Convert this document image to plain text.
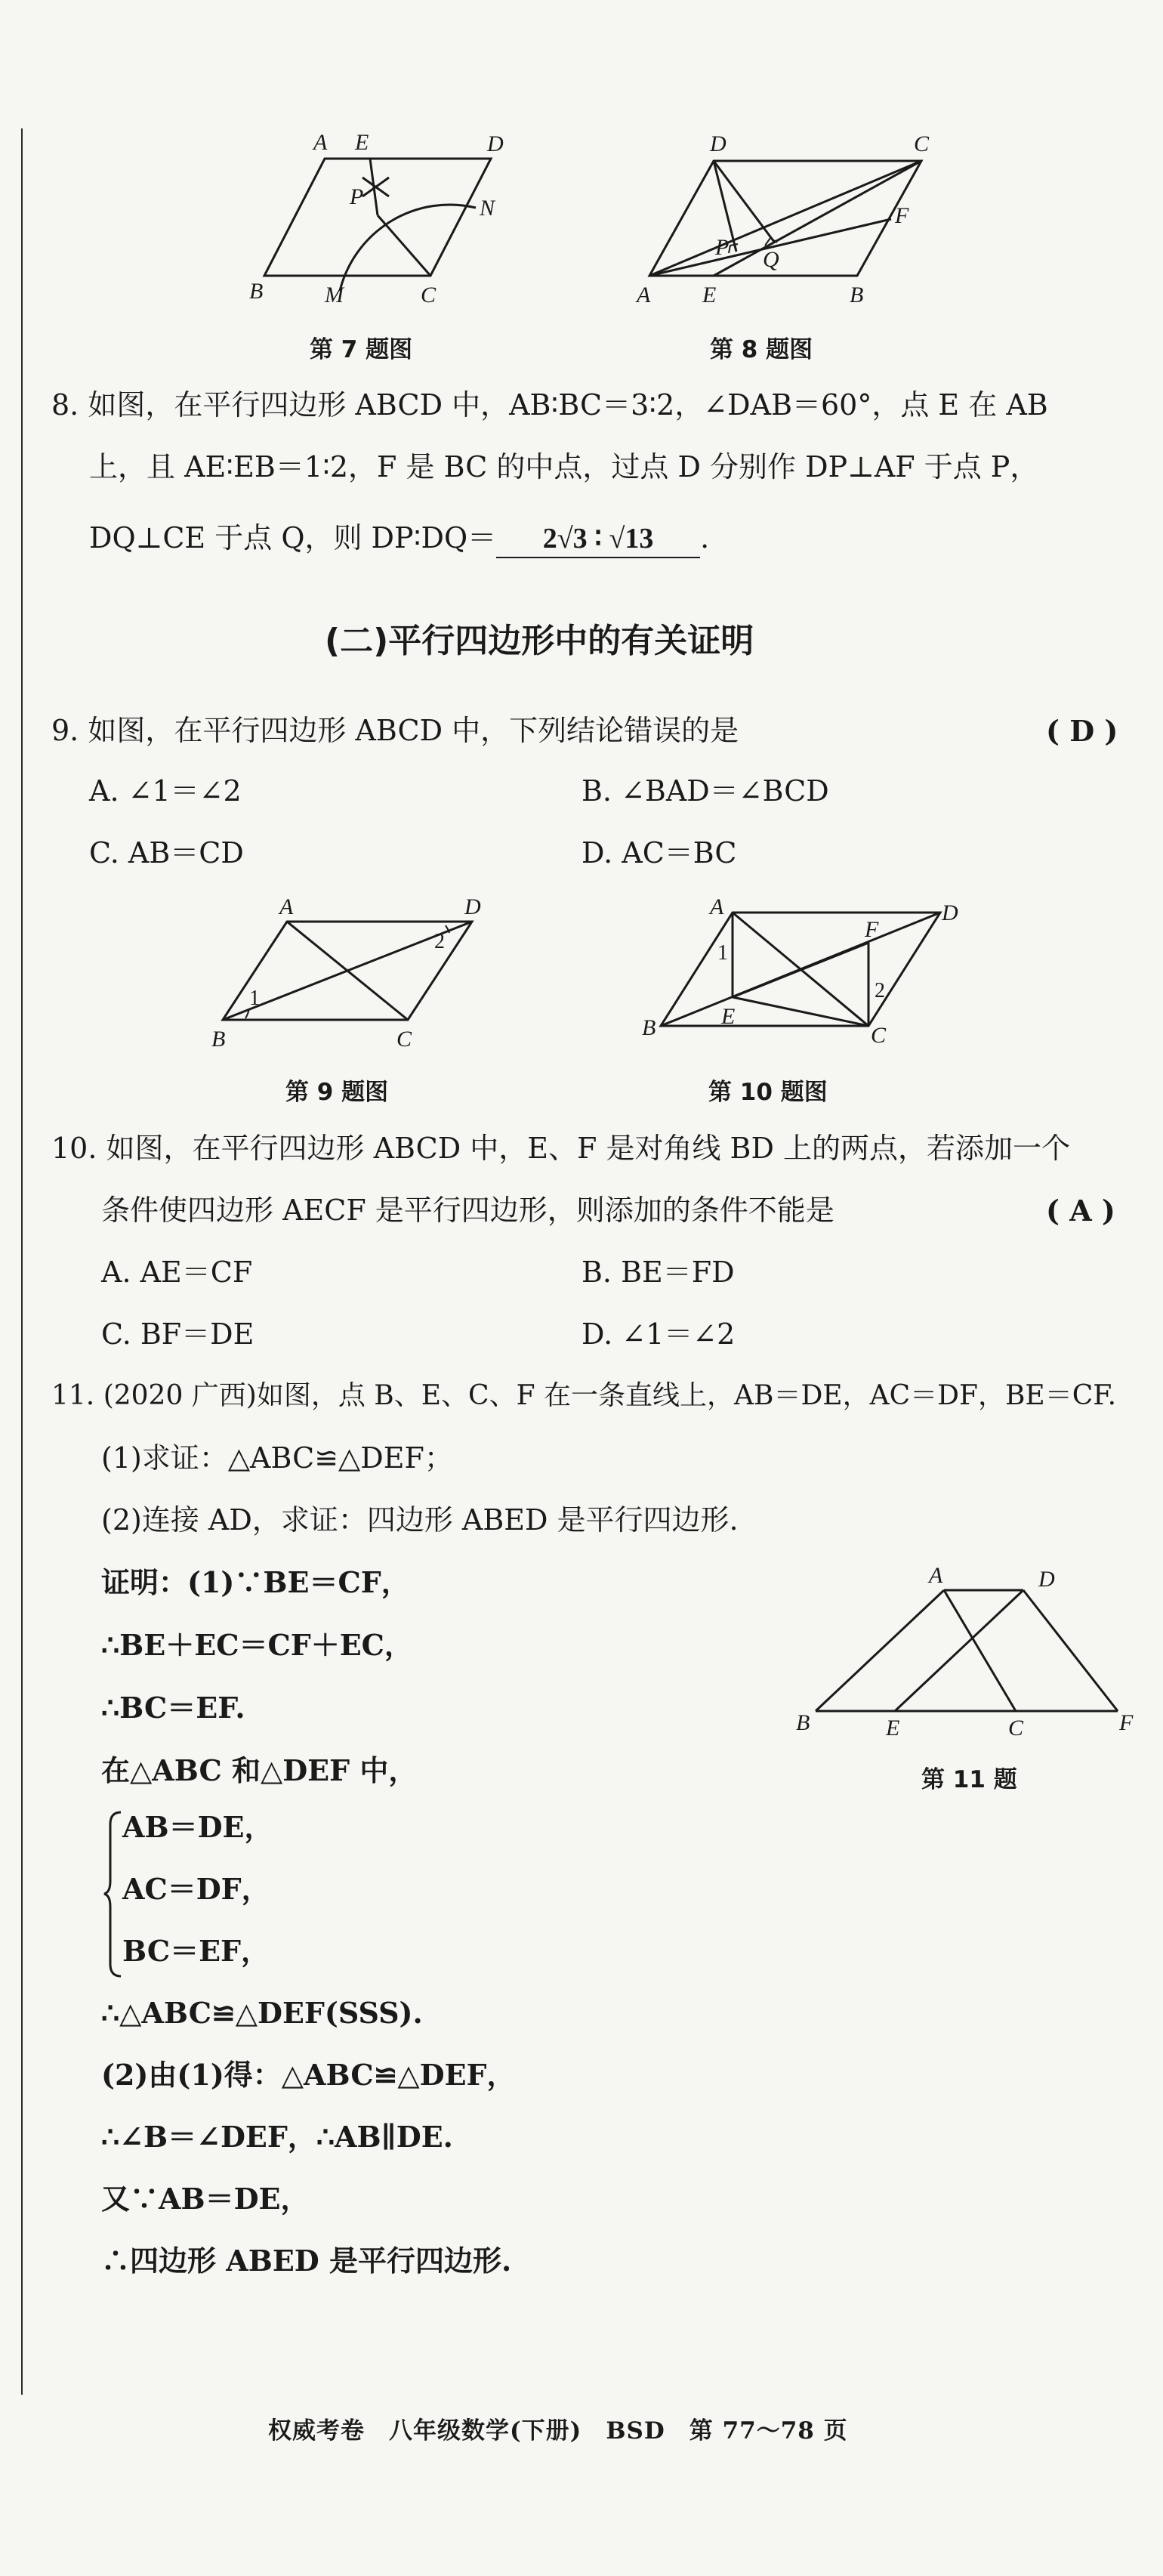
A E	D
P	N
B	M	C
第 7 题图
D	C
P Q
F
A E	B
第 8 题图
8. 如图，在平行四边形 ABCD 中，AB∶BC＝3∶2，∠DAB＝60°，点 E 在 AB
上，且 AE∶EB＝1∶2，F 是 BC 的中点，过点 D 分别作 DP⊥AF 于点 P，
DQ⊥CE 于点 Q，则 DP∶DQ＝ 2√3 ∶ √13 .
(二)平行四边形中的有关证明
9. 如图，在平行四边形 ABCD 中，下列结论错误的是	( D )
A. ∠1＝∠2	B. ∠BAD＝∠BCD
C. AB＝CD	D. AC＝BC
A	D
B	C
1
2
第 9 题图
A
F
D
1
2
B	E
C
第 10 题图
10. 如图，在平行四边形 ABCD 中，E、F 是对角线 BD 上的两点，若添加一个
条件使四边形 AECF 是平行四边形，则添加的条件不能是	( A )
A. AE＝CF	B. BE＝FD
C. BF＝DE	D. ∠1＝∠2
11. (2020 广西)如图，点 B、E、C、F 在一条直线上，AB＝DE，AC＝DF，BE＝CF.
(1)求证：△ABC≌△DEF；
(2)连接 AD，求证：四边形 ABED 是平行四边形.
A	D
B	E	C	F
第 11 题
证明：(1)∵BE＝CF，
∴BE＋EC＝CF＋EC，
∴BC＝EF.
在△ABC 和△DEF 中，
AB＝DE，
AC＝DF，
BC＝EF，
∴△ABC≌△DEF(SSS).
(2)由(1)得：△ABC≌△DEF，
∴∠B＝∠DEF，∴AB∥DE.
又∵AB＝DE，
∴四边形 ABED 是平行四边形.
权威考卷　八年级数学(下册)　BSD　第 77～78 页
